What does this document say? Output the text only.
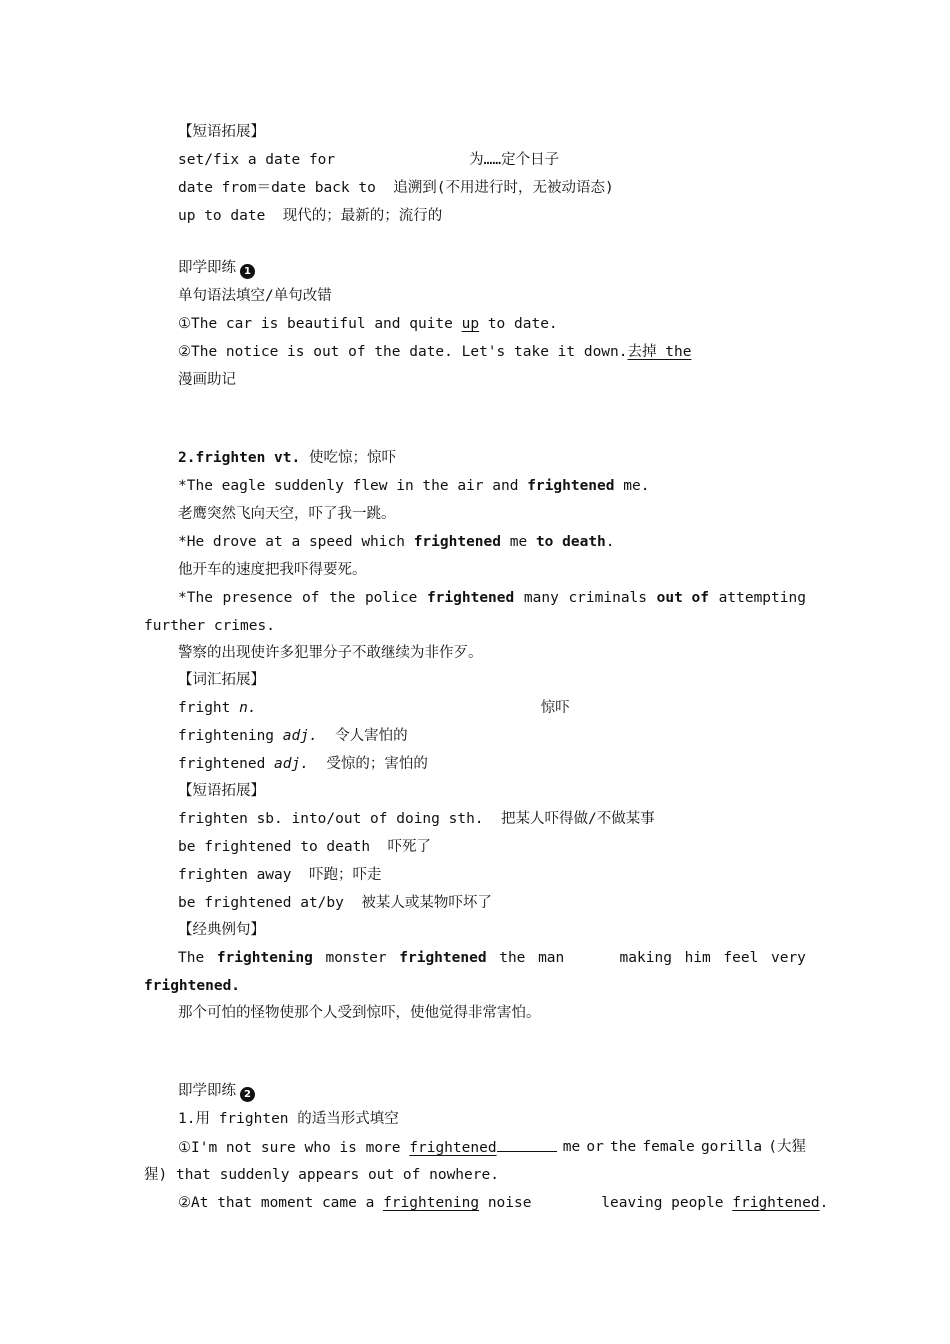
【短语拓展】
set/fix a date for	为……定个日子
date from＝date back to  追溯到(不用进行时，无被动语态)
up to date  现代的；最新的；流行的
即学即练 1
单句语法填空/单句改错
①The car is beautiful and quite up to date.
②The notice is out of the date. Let's take it down.去掉 the
漫画助记
2.frighten vt. 使吃惊；惊吓
*The eagle suddenly flew in the air and frightened me.
老鹰突然飞向天空，吓了我一跳。
*He drove at a speed which frightened me to death.
他开车的速度把我吓得要死。
*The presence of the police frightened many criminals out of attempting
further crimes.
警察的出现使许多犯罪分子不敢继续为非作歹。
【词汇拓展】
fright n.	惊吓
frightening adj.  令人害怕的
frightened adj.  受惊的；害怕的
【短语拓展】
frighten sb. into/out of doing sth.  把某人吓得做/不做某事
be frightened to death  吓死了
frighten away  吓跑；吓走
be frightened at/by  被某人或某物吓坏了
【经典例句】
The frightening monster frightened the man	making him feel very
frightened.
那个可怕的怪物使那个人受到惊吓，使他觉得非常害怕。
即学即练 2
1.用 frighten 的适当形式填空
①I'm not sure who is more frightened	me or the female gorilla (大猩
猩) that suddenly appears out of nowhere.
②At that moment came a frightening noise        leaving people frightened.
